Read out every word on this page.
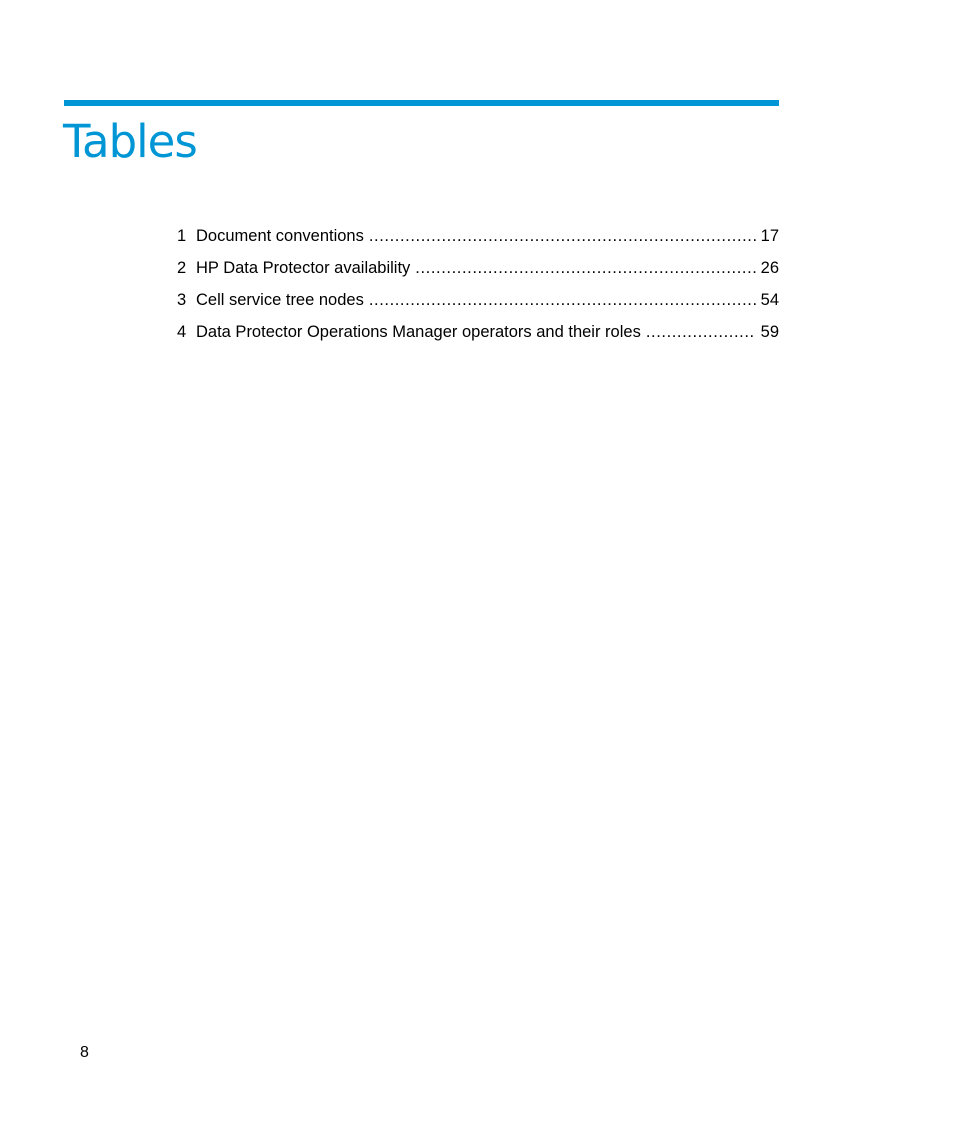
Tables
1 Document conventions .....	17
2 HP Data Protector availability .....	26
3 Cell service tree nodes .....	54
4 Data Protector Operations Manager operators and their roles .....	59
8
